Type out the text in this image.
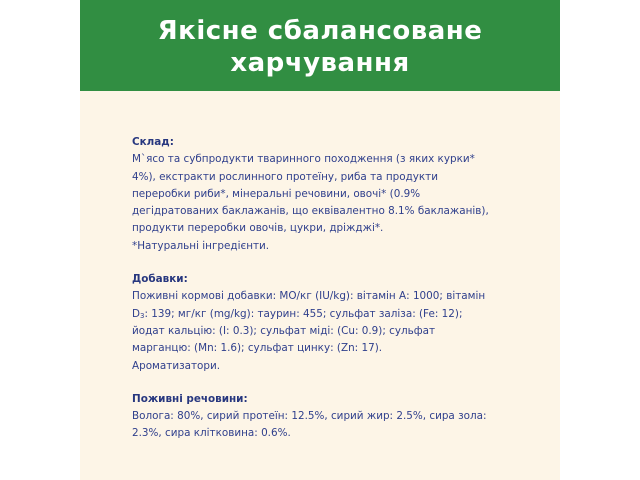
Якісне сбалансоване
харчування
Склад:
М`ясо та субпродукти тваринного походження (з яких курки*
4%), екстракти рослинного протеїну, риба та продукти
переробки риби*, мінеральні речовини, овочі* (0.9%
дегідратованих баклажанів, що еквівалентно 8.1% баклажанів),
продукти переробки овочів, цукри, дріжджі*.
*Натуральні інгредієнти.
Добавки:
Поживні кормові добавки: МО/кг (IU/kg): вітамін А: 1000; вітамін
$D_3$: 139; мг/кг (mg/kg): таурин: 455; сульфат заліза: (Fe: 12);
йодат кальцію: (I: 0.3); сульфат міді: (Cu: 0.9); сульфат
марганцю: (Mn: 1.6); сульфат цинку: (Zn: 17).
Ароматизатори.
Поживні речовини:
Волога: 80%, сирий протеїн: 12.5%, сирий жир: 2.5%, сира зола:
2.3%, сира клітковина: 0.6%.
